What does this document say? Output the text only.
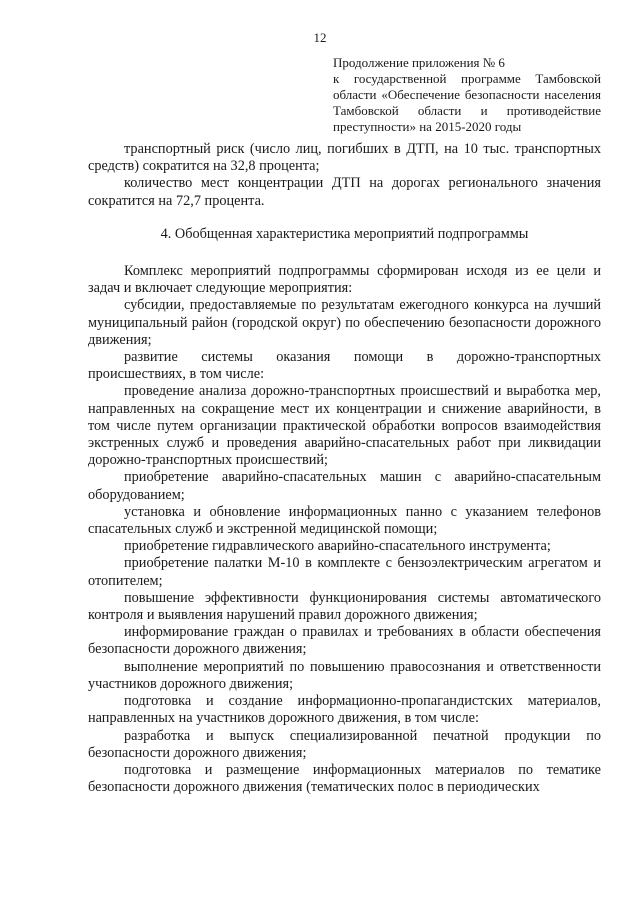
12
Продолжение приложения № 6
к государственной программе Тамбовской
области «Обеспечение безопасности населения
Тамбовской области и противодействие
преступности» на 2015-2020 годы

транспортный риск (число лиц, погибших в ДТП, на 10 тыс. транспортных средств) сократится на 32,8 процента;

количество мест концентрации ДТП на дорогах регионального значения сократится на 72,7 процента.

4. Обобщенная характеристика мероприятий подпрограммы

Комплекс мероприятий подпрограммы сформирован исходя из ее цели и задач и включает следующие мероприятия:

субсидии, предоставляемые по результатам ежегодного конкурса на лучший муниципальный район (городской округ) по обеспечению безопасности дорожного движения;

развитие системы оказания помощи в дорожно-транспортных происшествиях, в том числе:

проведение анализа дорожно-транспортных происшествий и выработка мер, направленных на сокращение мест их концентрации и снижение аварийности, в том числе путем организации практической обработки вопросов взаимодействия экстренных служб и проведения аварийно-спасательных работ при ликвидации дорожно-транспортных происшествий;

приобретение аварийно-спасательных машин с аварийно-спасательным оборудованием;

установка и обновление информационных панно с указанием телефонов спасательных служб и экстренной медицинской помощи;

приобретение гидравлического аварийно-спасательного инструмента;

приобретение палатки М-10 в комплекте с бензоэлектрическим агрегатом и отопителем;

повышение эффективности функционирования системы автоматического контроля и выявления нарушений правил дорожного движения;

информирование граждан о правилах и требованиях в области обеспечения безопасности дорожного движения;

выполнение мероприятий по повышению правосознания и ответственности участников дорожного движения;

подготовка и создание информационно-пропагандистских материалов, направленных на участников дорожного движения, в том числе:

разработка и выпуск специализированной печатной продукции по безопасности дорожного движения;

подготовка и размещение информационных материалов по тематике безопасности дорожного движения (тематических полос в периодических
